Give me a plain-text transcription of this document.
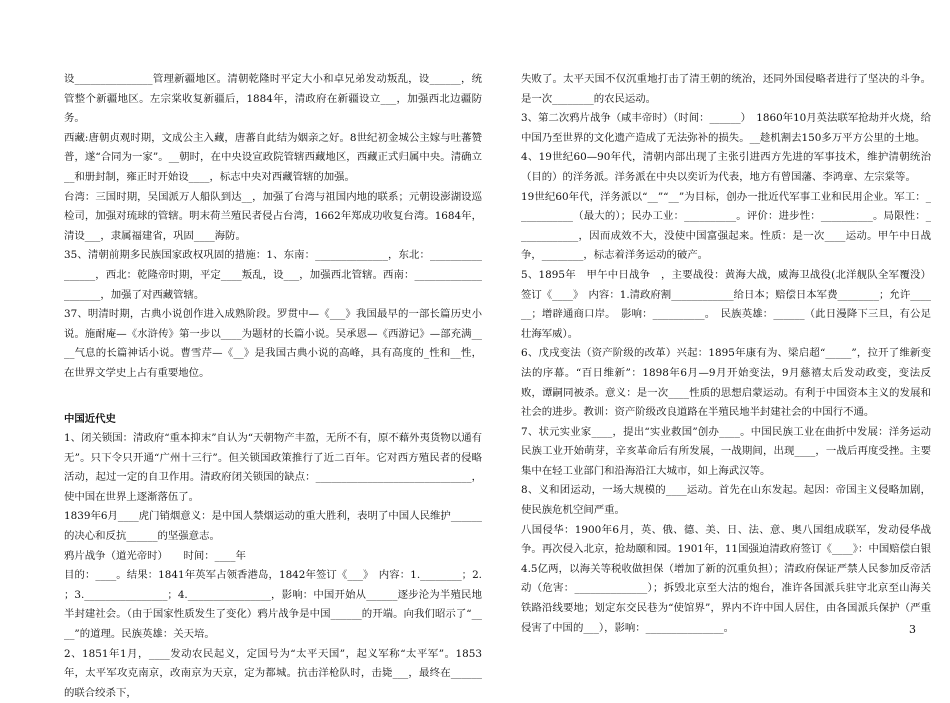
设_______________管理新疆地区。清朝乾隆时平定大小和卓兄弟发动叛乱，设______，统管整个新疆地区。左宗棠收复新疆后，1884年，清政府在新疆设立___，加强西北边疆防务。

西藏:唐朝贞观时期，文成公主入藏，唐蕃自此结为姻亲之好。8世纪初金城公主嫁与吐蕃赞普，遂“合同为一家”。__朝时，在中央设宣政院管辖西藏地区，西藏正式归属中央。清确立__和册封制，雍正时开始设____，标志中央对西藏管辖的加强。

台湾：三国时期，吴国派万人船队到达__，加强了台湾与祖国内地的联系；元朝设澎湖设巡检司，加强对琉球的管辖。明末荷兰殖民者侵占台湾，1662年郑成功收复台湾。1684年，清设___，隶属福建省，巩固____海防。

35、清朝前期多民族国家政权巩固的措施：1、东南：______________，东北：________________，西北：乾隆帝时期，平定____叛乱，设___，加强西北管辖。西南：____________________，加强了对西藏管辖。

37、明清时期，古典小说创作进入成熟阶段。罗贯中—《___》我国最早的一部长篇历史小说。施耐庵—《水浒传》第一步以____为题材的长篇小说。吴承恩—《西游记》—部充满____气息的长篇神话小说。曹雪芹—《__》是我国古典小说的高峰，具有高度的_性和__性，在世界文学史上占有重要地位。

中国近代史

1、闭关锁国：清政府“重本抑末”自认为“天朝物产丰盈，无所不有，原不藉外夷货物以通有无”。只下令只开通“广州十三行”。但关锁国政策推行了近二百年。它对西方殖民者的侵略活动，起过一定的自卫作用。清政府闭关锁国的缺点：______________________________，使中国在世界上逐渐落伍了。

1839年6月____虎门销烟意义：是中国人禁烟运动的重大胜利，表明了中国人民维护______的决心和反抗______的坚强意志。

鸦片战争（道光帝时）　　时间：____年

目的：____。结果：1841年英军占领香港岛，1842年签订《___》　内容：1.________；2.　　　；3.________________；4.________________，影响：中国开始从______逐步沦为半殖民地半封建社会。（由于国家性质发生了变化）鸦片战争是中国______的开端。向我们昭示了“____”的道理。民族英雄：关天培。

2、1851年1月，____发动农民起义，定国号为“太平天国”，起义军称“太平军”。1853年，太平军攻克南京，改南京为天京，定为都城。抗击洋枪队时，击毙___，最终在______的联合绞杀下，

失败了。太平天国不仅沉重地打击了清王朝的统治，还同外国侵略者进行了坚决的斗争。是一次________的农民运动。

3、第二次鸦片战争（咸丰帝时）（时间：______）　1860年10月英法联军抢劫并火烧，给中国乃至世界的文化遗产造成了无法弥补的损失。__趁机割去150多万平方公里的土地。

4、19世纪60—90年代，清朝内部出现了主张引进西方先进的军事技术，维护清朝统治（目的）的洋务派。洋务派在中央以奕䜣为代表，地方有曾国藩、李鸿章、左宗棠等。

19世纪60年代，洋务派以“__”“__”为目标，创办一批近代军事工业和民用企业。军工：___________（最大的）；民办工业：__________。评价：进步性：__________。局限性：____________，因而成效不大，没使中国富强起来。性质：是一次____运动。甲午中日战争，________，标志着洋务运动的破产。

5、1895年　甲午中日战争　，主要战役：黄海大战，威海卫战役(北洋舰队全军覆没）签订《____》　内容：1.清政府割____________给日本；赔偿日本军费________；允许______；增辟通商口岸。　影响：__________。　民族英雄：______（此日漫降下三旦，有公足壮海军威）。

6、戊戌变法（资产阶级的改革）兴起：1895年康有为、梁启超“_____”，拉开了维新变法的序幕。“百日维新”：1898年6月—9月开始变法，9月慈禧太后发动政变，变法反败，谭嗣同被杀。意义：是一次____性质的思想启蒙运动。有利于中国资本主义的发展和社会的进步。教训：资产阶级改良道路在半殖民地半封建社会的中国行不通。

7、状元实业家____，提出“实业救国”创办____。中国民族工业在曲折中发展：洋务运动民族工业开始萌芽，辛亥革命后有所发展，一战期间，出现____，一战后再度受挫。主要集中在轻工业部门和沿海沿江大城市，如上海武汉等。

8、义和团运动，一场大规模的____运动。首先在山东发起。起因：帝国主义侵略加剧，使民族危机空间严重。

八国侵华：1900年6月，英、俄、德、美、日、法、意、奥八国组成联军，发动侵华战争。再次侵入北京，抢劫颐和园。1901年，11国强迫清政府签订《____》：中国赔偿白银4.5亿两，以海关等税收做担保（增加了新的沉重负担）；清政府保证严禁人民参加反帝活动（危害：______________）；拆毁北京至大沽的炮台，准许各国派兵驻守北京至山海关铁路沿线要地；划定东交民巷为“使馆界”，界内不许中国人居住，由各国派兵保护（严重侵害了中国的___），影响：_______________。	3
